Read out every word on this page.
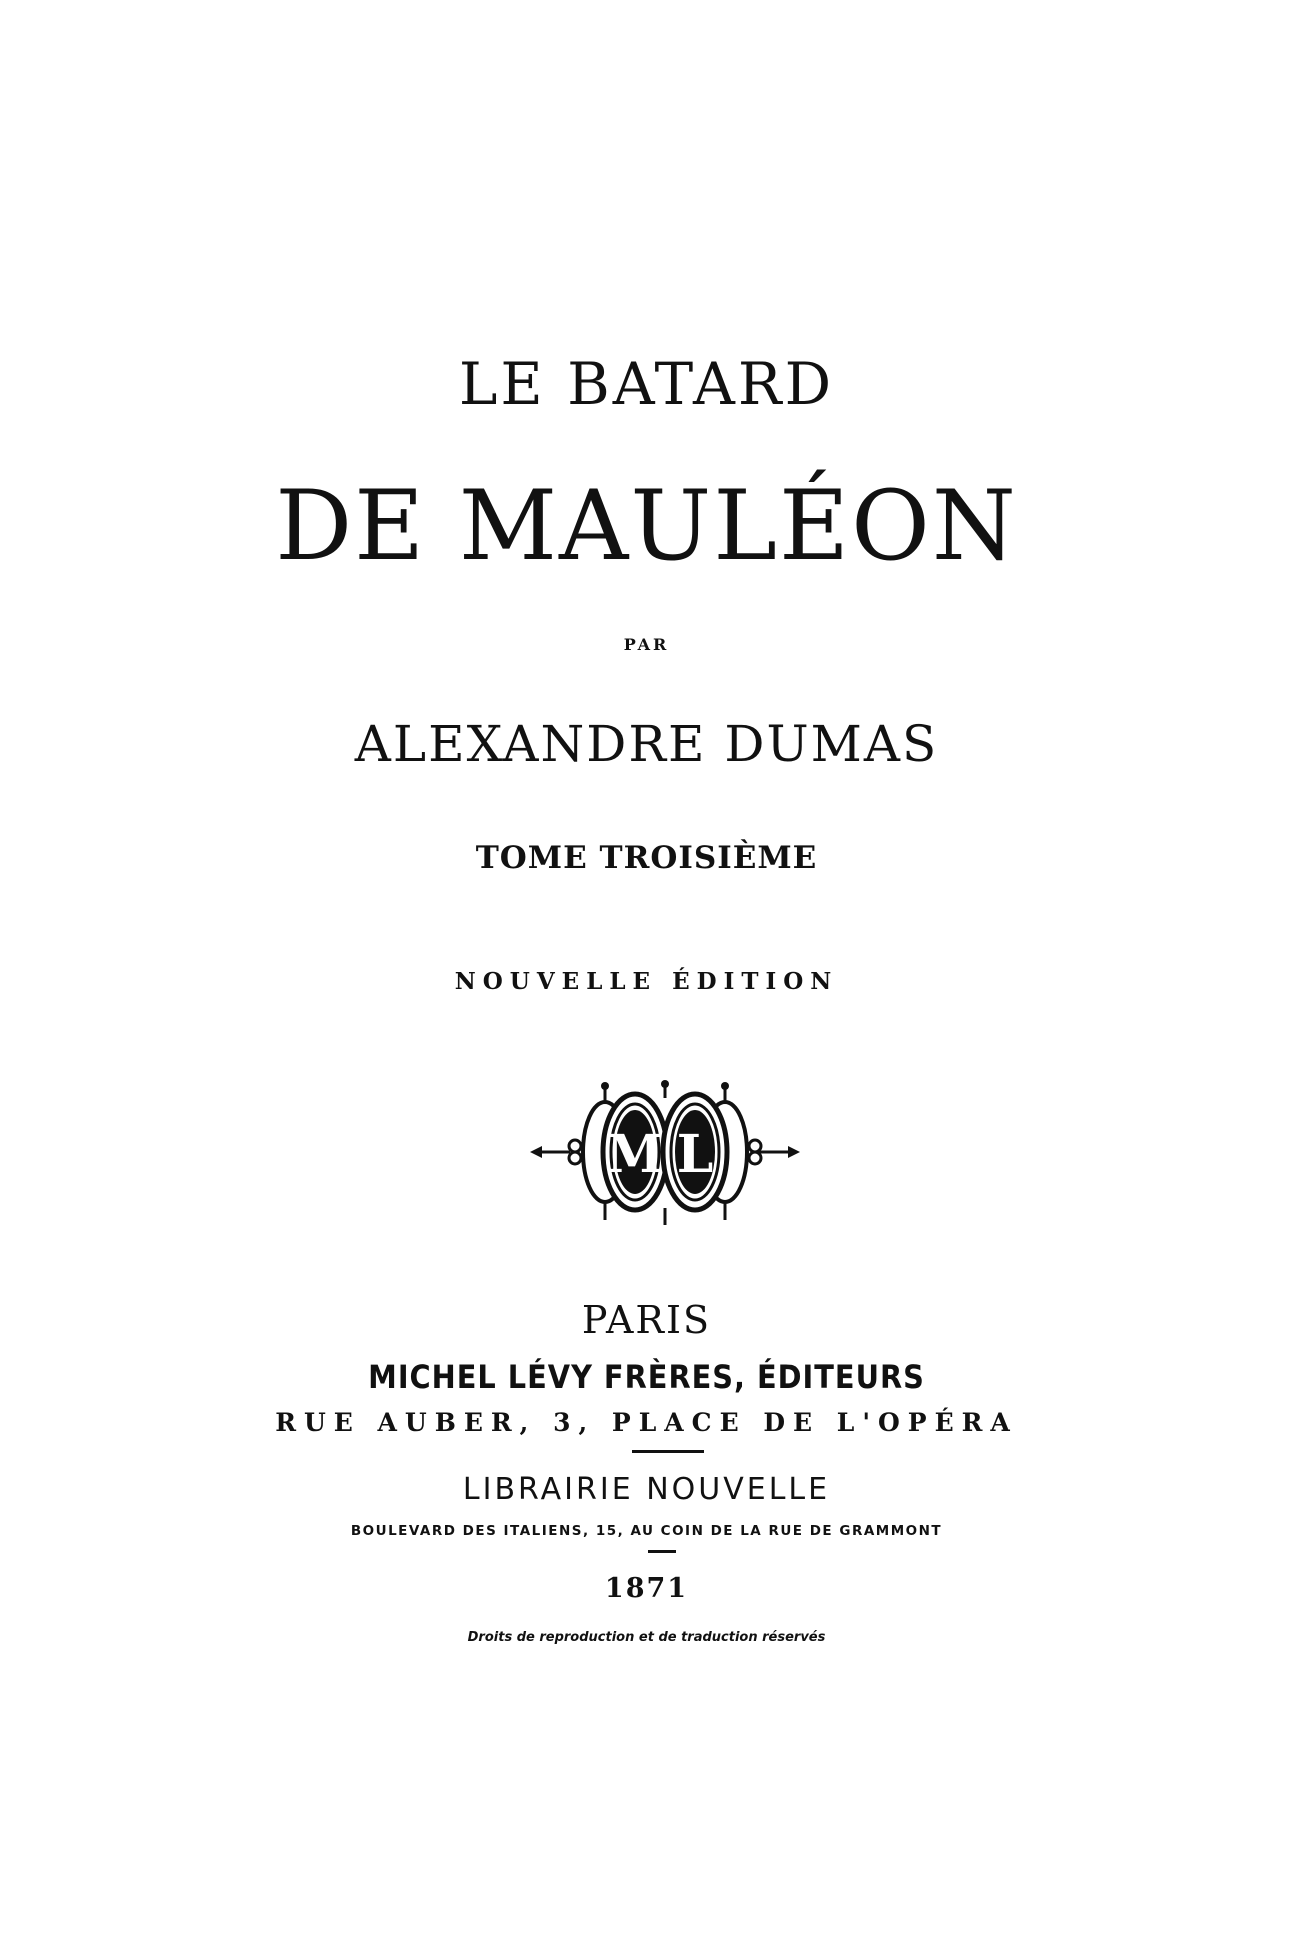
LE BATARD
DE MAULÉON
PAR
ALEXANDRE DUMAS
TOME TROISIÈME
NOUVELLE ÉDITION
M L
PARIS
MICHEL LÉVY FRÈRES, ÉDITEURS
RUE AUBER, 3, PLACE DE L'OPÉRA
LIBRAIRIE NOUVELLE
BOULEVARD DES ITALIENS, 15, AU COIN DE LA RUE DE GRAMMONT
1871
Droits de reproduction et de traduction réservés
